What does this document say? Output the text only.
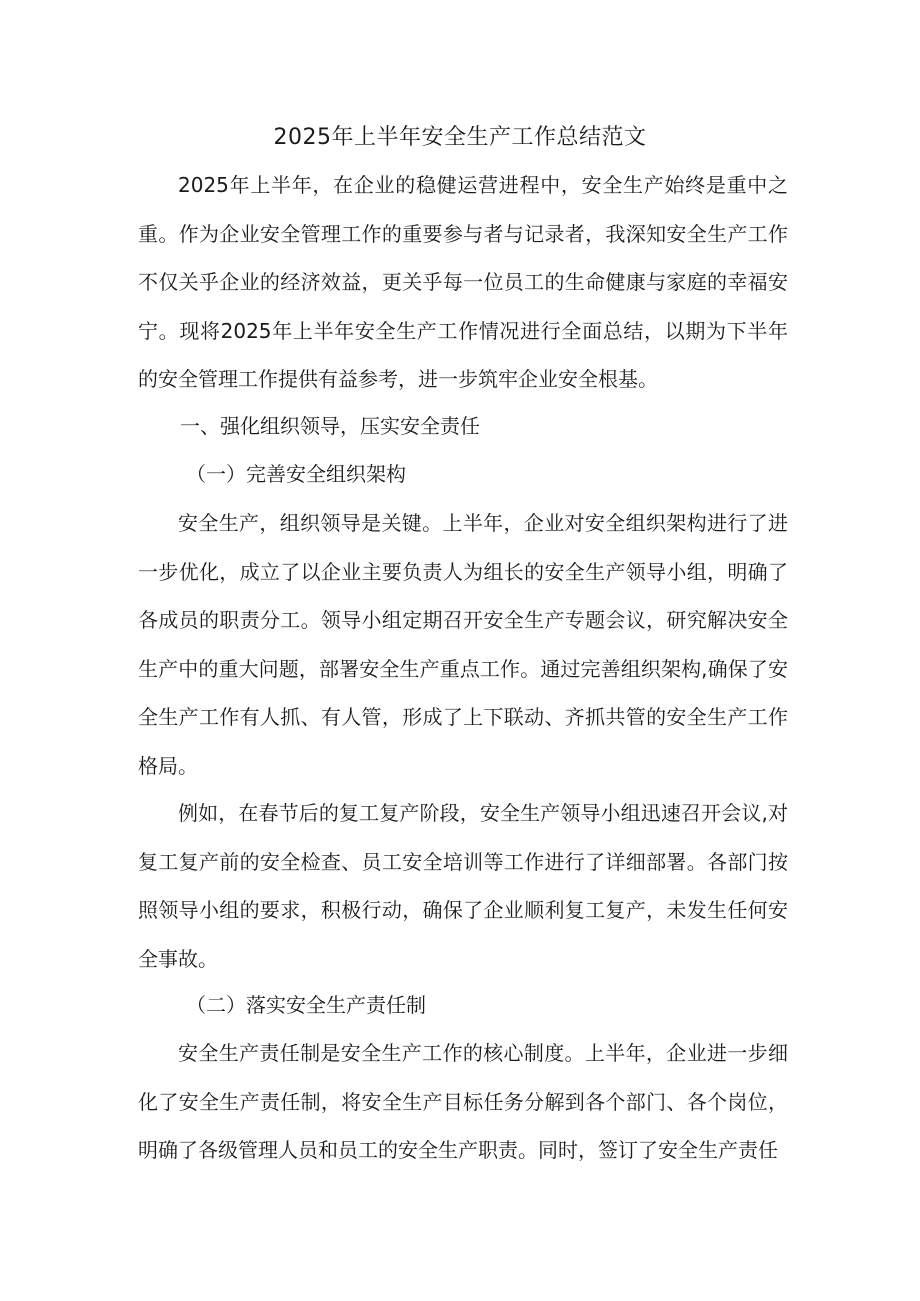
2025年上半年安全生产工作总结范文

2025年上半年，在企业的稳健运营进程中，安全生产始终是重中之重。作为企业安全管理工作的重要参与者与记录者，我深知安全生产工作不仅关乎企业的经济效益，更关乎每一位员工的生命健康与家庭的幸福安宁。现将2025年上半年安全生产工作情况进行全面总结，以期为下半年的安全管理工作提供有益参考，进一步筑牢企业安全根基。

一、强化组织领导，压实安全责任

（一）完善安全组织架构

安全生产，组织领导是关键。上半年，企业对安全组织架构进行了进一步优化，成立了以企业主要负责人为组长的安全生产领导小组，明确了各成员的职责分工。领导小组定期召开安全生产专题会议，研究解决安全生产中的重大问题，部署安全生产重点工作。通过完善组织架构,确保了安全生产工作有人抓、有人管，形成了上下联动、齐抓共管的安全生产工作格局。

例如，在春节后的复工复产阶段，安全生产领导小组迅速召开会议,对复工复产前的安全检查、员工安全培训等工作进行了详细部署。各部门按照领导小组的要求，积极行动，确保了企业顺利复工复产，未发生任何安全事故。

（二）落实安全生产责任制

安全生产责任制是安全生产工作的核心制度。上半年，企业进一步细化了安全生产责任制，将安全生产目标任务分解到各个部门、各个岗位，明确了各级管理人员和员工的安全生产职责。同时，签订了安全生产责任
